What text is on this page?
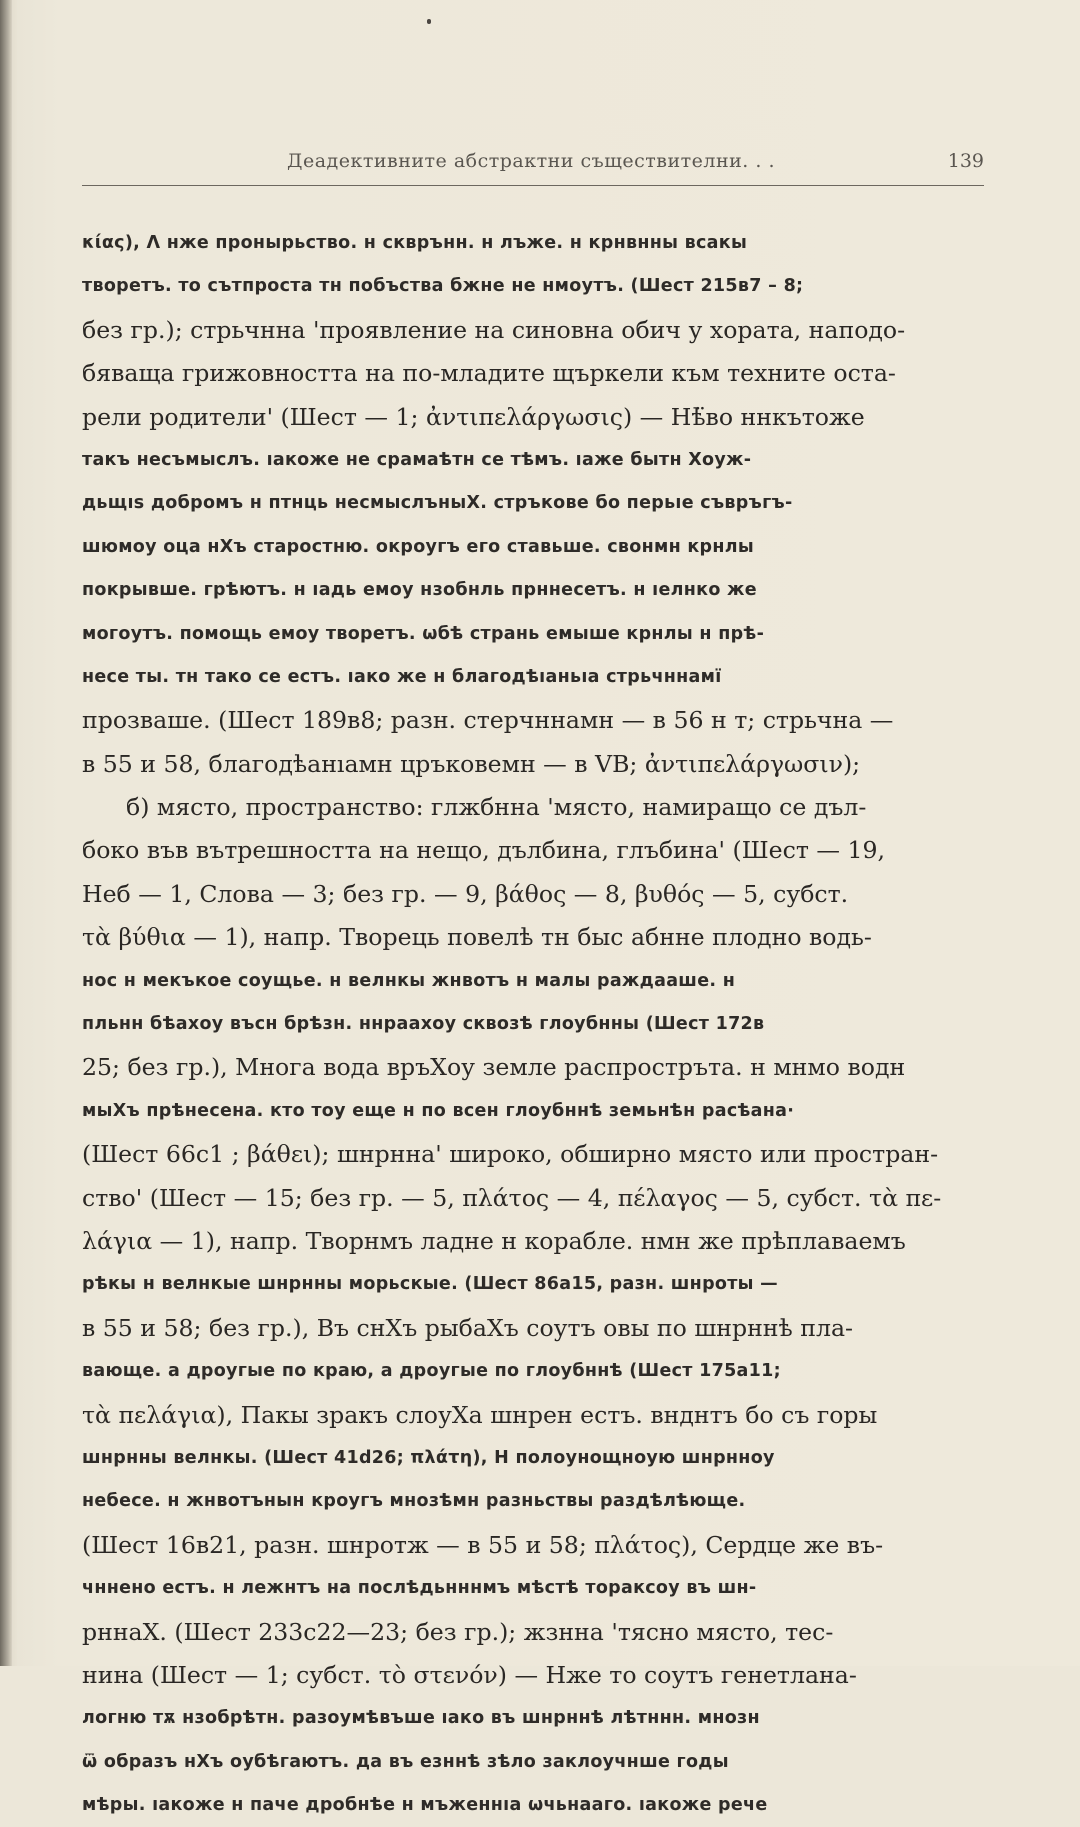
Деадективните абстрактни съществителни. . .	139
κίας), Λ нже пронырьство. н скврънн. н лъже. н крнвнны всакы
творетъ. то сътпроста тн побъства бжне не нмоутъ. (Шест 215в7 – 8;
без гр.); стрьчннa 'проявление на синовна обич у хората, наподо-
бяваща грижовността на по-младите щъркели към техните оста-
рели родители' (Шест — 1; ἀντιπελάργωσις) — Нѣ̈во ннкътоже
такъ несъмыслъ. ıакоже не срамаѣтн се тѣмъ. ıаже бытн Хоуж-
дьщıѕ добромъ н птнць несмыслъныХ. стръкове бо перьıе съвръгъ-
шюмоу оца нХъ старостню. окроугъ его ставьше. свонмн крнлы
покрывше. грѣютъ. н ıадь емоу нзобнль прннесетъ. н ıелнко же
могоутъ. помощь емоу творетъ. ѡбѣ странь емыше крнлы н прѣ-
несе ты. тн тако се естъ. ıако же н благодѣıаньıа стрьчннамї
прозваше. (Шест 189в8; разн. стерчннамн — в 56 н т; стрьчна —
в 55 и 58, благодѣанıамн цръковемн — в VB; ἀντιπελάργωσιν);
б) място, пространство: глжбнна 'място, намиращо се дъл-
боко във вътрешността на нещо, дълбина, глъбина' (Шест — 19,
Неб — 1, Слова — 3; без гр. — 9, βάθος — 8, βυθός — 5, субст.
τὰ βύθια — 1), напр. Творець повелѣ тн быс абнне плодно водь-
нос н мекъкое соущье. н велнкы жнвотъ н малы раждааше. н
пльнн бѣахоу въсн брѣзн. ннраахоу сквозѣ глоубнны (Шест 172в
25; без гр.), Многа вода връХоу земле распростръта. н мнмо водн
мыХъ прѣнесена. кто тоу еще н по всен глоубннѣ земьнѣн расѣана·
(Шест 66с1 ; βάθει); шнрнна' широко, обширно място или простран-
ство' (Шест — 15; без гр. — 5, πλάτος — 4, πέλαγος — 5, субст. τὰ πε-
λάγια — 1), напр. Творнмъ ладне н корабле. нмн же прѣплаваемъ
рѣкы н велнкые шнрнны морьскые. (Шест 86а15, разн. шнроты —
в 55 и 58; без гр.), Въ снХъ рыбаХъ соутъ овы по шнрннѣ пла-
вающе. а дроугые по краю, а дроугые по глоубннѣ (Шест 175а11;
τὰ πελάγια), Пакы зракъ слоуХа шнрен естъ. внднтъ бо съ горы
шнрнны велнкы. (Шест 41d26; πλάτη), Н полоунощноую шнрнноу
небесе. н жнвотънын кроугъ мнозѣмн разньствы раздѣлѣюще.
(Шест 16в21, разн. шнротж — в 55 и 58; πλάτος), Сердце же въ-
чннено естъ. н лежнтъ на послѣдьнннмъ мѣстѣ тораксоу въ шн-
рннаХ. (Шест 233с22—23; без гр.); жзнна 'тясно място, тес-
нина (Шест — 1; субст. τὸ στενόν) — Нже то соутъ генетлана-
логню тѫ нзобрѣтн. разоумѣвъше ıако въ шнрннѣ лѣтннн. мнозн
ѿ образъ нХъ оубѣгаютъ. да въ езннѣ зѣло заклоучнше годы
мѣры. ıакоже н паче дробнѣе н мъженнıа ѡчьнааго. ıакоже рече
